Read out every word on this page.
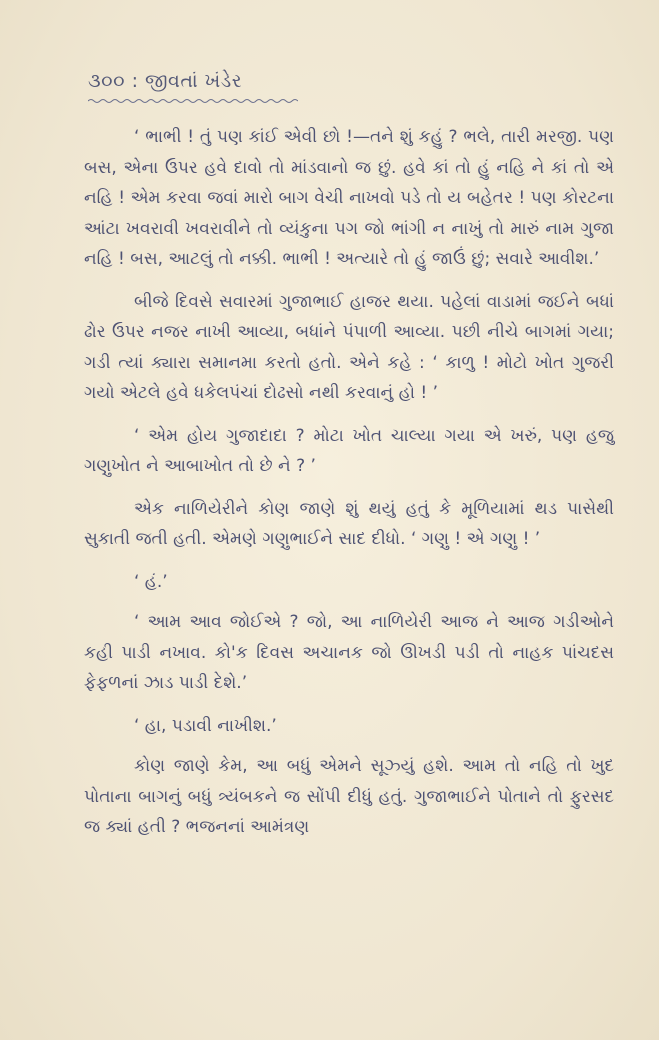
૩૦૦ : જીવતાં ખંડેર

‘ ભાભી ! તું પણ કાંઈ એવી છો !—તને શું કહું ? ભલે, તારી મરજી. પણ બસ, એના ઉપર હવે દાવો તો માંડવાનો જ છું. હવે કાં તો હું નહિ ને કાં તો એ નહિ ! એમ કરવા જવાં મારો બાગ વેચી નાખવો પડે તો ય બહેતર ! પણ કોરટના આંટા ખવરાવી ખવરાવીને તો વ્યંકુના પગ જો ભાંગી ન નાખું તો મારું નામ ગુજા નહિ ! બસ, આટલું તો નક્કી. ભાભી ! અત્યારે તો હું જાઉં છું; સવારે આવીશ.’

બીજે દિવસે સવારમાં ગુજાભાઈ હાજર થયા. પહેલાં વાડામાં જઈને બધાં ઢોર ઉપર નજર નાખી આવ્યા, બધાંને પંપાળી આવ્યા. પછી નીચે બાગમાં ગયા; ગડી ત્યાં ક્યારા સમાનમા કરતો હતો. એને કહે : ‘ કાળુ ! મોટો ખોત ગુજરી ગયો એટલે હવે ધકેલપંચાં દોઢસો નથી કરવાનું હો ! ’

‘ એમ હોય ગુજાદાદા ? મોટા ખોત ચાલ્યા ગયા એ ખરું, પણ હજુ ગણુખોત ને આબાખોત તો છે ને ? ’

એક નાળિયેરીને કોણ જાણે શું થયું હતું કે મૂળિયામાં થડ પાસેથી સુકાતી જતી હતી. એમણે ગણુભાઈને સાદ દીધો. ‘ ગણુ ! એ ગણુ ! ’

‘ હં.’

‘ આમ આવ જોઈએ ? જો, આ નાળિયેરી આજ ને આજ ગડીઓને કહી પાડી નખાવ. કો'ક દિવસ અચાનક જો ઊખડી પડી તો નાહક પાંચદસ ફેફળનાં ઝાડ પાડી દેશે.’

‘ હા, પડાવી નાખીશ.’

કોણ જાણે કેમ, આ બધું એમને સૂઝ્યું હશે. આમ તો નહિ તો ખુદ પોતાના બાગનું બધું ત્ર્યંબકને જ સોંપી દીધું હતું. ગુજાભાઈને પોતાને તો ફુરસદ જ ક્યાં હતી ? ભજનનાં આમંત્રણ
